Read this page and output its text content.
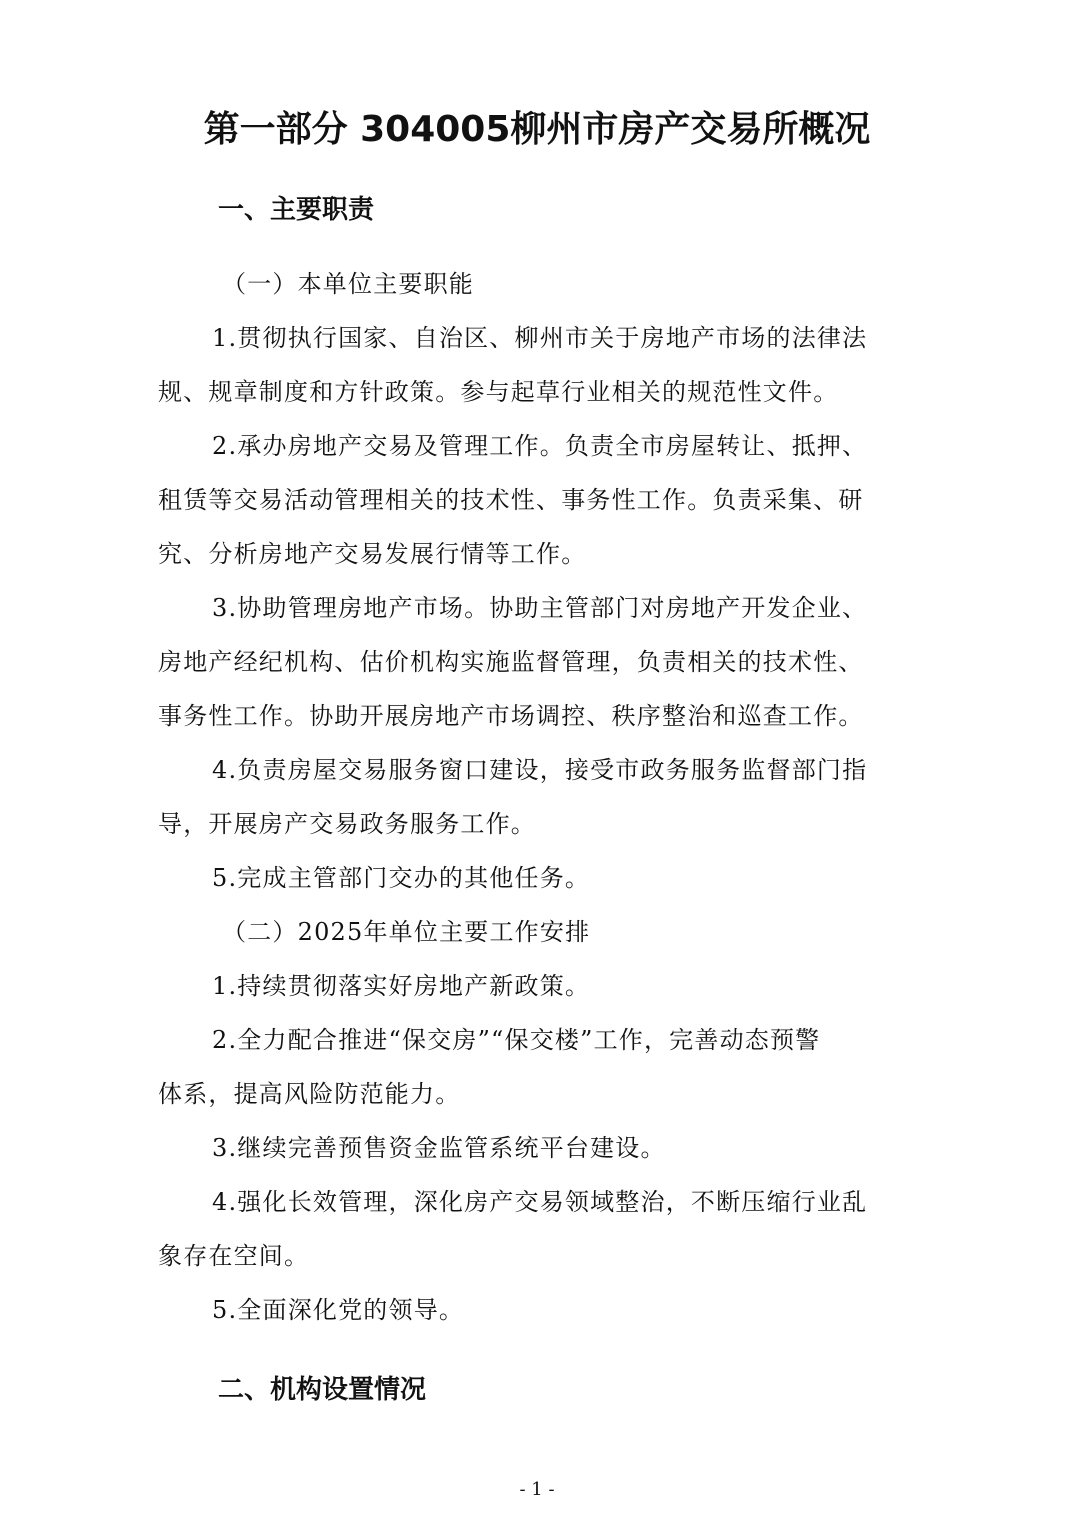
第一部分 304005柳州市房产交易所概况
一、主要职责
（一）本单位主要职能
1.贯彻执行国家、自治区、柳州市关于房地产市场的法律法
规、规章制度和方针政策。参与起草行业相关的规范性文件。
2.承办房地产交易及管理工作。负责全市房屋转让、抵押、
租赁等交易活动管理相关的技术性、事务性工作。负责采集、研
究、分析房地产交易发展行情等工作。
3.协助管理房地产市场。协助主管部门对房地产开发企业、
房地产经纪机构、估价机构实施监督管理，负责相关的技术性、
事务性工作。协助开展房地产市场调控、秩序整治和巡查工作。
4.负责房屋交易服务窗口建设，接受市政务服务监督部门指
导，开展房产交易政务服务工作。
5.完成主管部门交办的其他任务。
（二）2025年单位主要工作安排
1.持续贯彻落实好房地产新政策。
2.全力配合推进“保交房”“保交楼”工作，完善动态预警
体系，提高风险防范能力。
3.继续完善预售资金监管系统平台建设。
4.强化长效管理，深化房产交易领域整治，不断压缩行业乱
象存在空间。
5.全面深化党的领导。
二、机构设置情况
- 1 -
